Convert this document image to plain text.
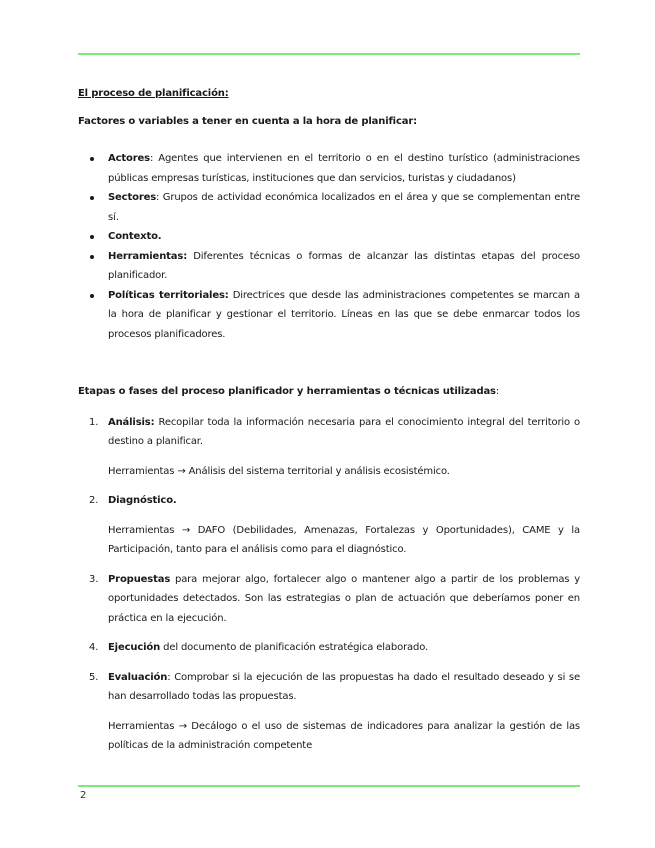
El proceso de planificación:

Factores o variables a tener en cuenta a la hora de planificar:

Actores: Agentes que intervienen en el territorio o en el destino turístico (administraciones públicas empresas turísticas, instituciones que dan servicios, turistas y ciudadanos)
Sectores: Grupos de actividad económica localizados en el área y que se complementan entre sí.
Contexto.
Herramientas: Diferentes técnicas o formas de alcanzar las distintas etapas del proceso planificador.
Políticas territoriales: Directrices que desde las administraciones competentes se marcan a la hora de planificar y gestionar el territorio. Líneas en las que se debe enmarcar todos los procesos planificadores.

Etapas o fases del proceso planificador y herramientas o técnicas utilizadas:

1. Análisis: Recopilar toda la información necesaria para el conocimiento integral del territorio o destino a planificar.
Herramientas → Análisis del sistema territorial y análisis ecosistémico.
2. Diagnóstico.
Herramientas → DAFO (Debilidades, Amenazas, Fortalezas y Oportunidades), CAME y la Participación, tanto para el análisis como para el diagnóstico.
3. Propuestas para mejorar algo, fortalecer algo o mantener algo a partir de los problemas y oportunidades detectados. Son las estrategias o plan de actuación que deberíamos poner en práctica en la ejecución.
4. Ejecución del documento de planificación estratégica elaborado.
5. Evaluación: Comprobar si la ejecución de las propuestas ha dado el resultado deseado y si se han desarrollado todas las propuestas.
Herramientas → Decálogo o el uso de sistemas de indicadores para analizar la gestión de las políticas de la administración competente
2
